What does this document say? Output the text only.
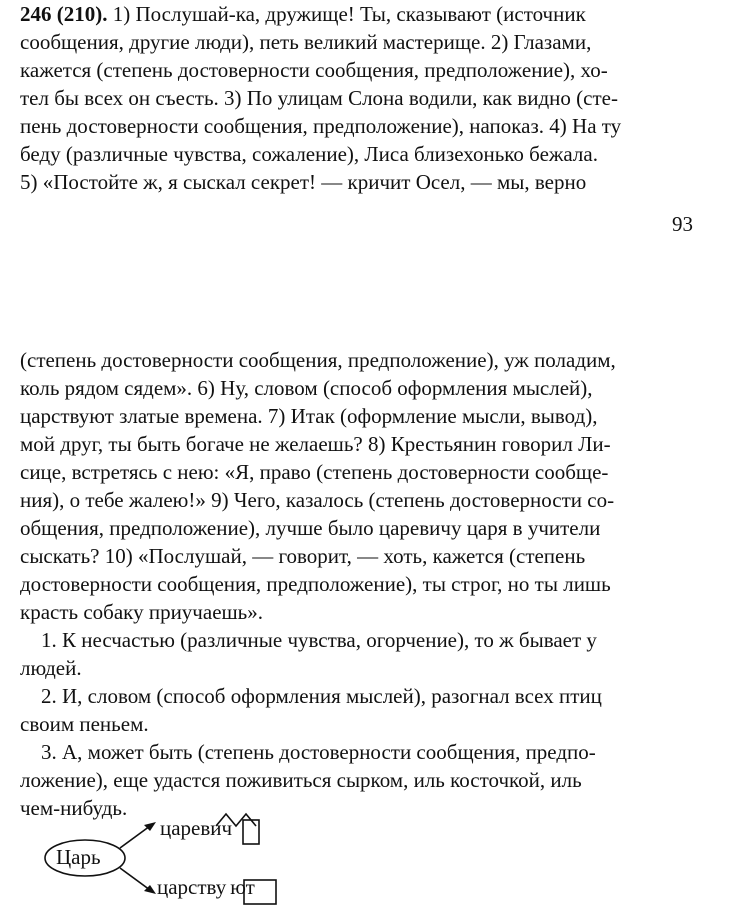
246 (210). 1) Послушай-ка, дружище! Ты, сказывают (источник
сообщения, другие люди), петь великий мастерище. 2) Глазами,
кажется (степень достоверности сообщения, предположение), хо-
тел бы всех он съесть. 3) По улицам Слона водили, как видно (сте-
пень достоверности сообщения, предположение), напоказ. 4) На ту
беду (различные чувства, сожаление), Лиса близехонько бежала.
5) «Постойте ж, я сыскал секрет! — кричит Осел, — мы, верно
93
(степень достоверности сообщения, предположение), уж поладим,
коль рядом сядем». 6) Ну, словом (способ оформления мыслей),
царствуют златые времена. 7) Итак (оформление мысли, вывод),
мой друг, ты быть богаче не желаешь? 8) Крестьянин говорил Ли-
сице, встретясь с нею: «Я, право (степень достоверности сообще-
ния), о тебе жалею!» 9) Чего, казалось (степень достоверности со-
общения, предположение), лучше было царевичу царя в учители
сыскать? 10) «Послушай, — говорит, — хоть, кажется (степень
достоверности сообщения, предположение), ты строг, но ты лишь
красть собаку приучаешь».
1. К несчастью (различные чувства, огорчение), то ж бывает у
людей.
2. И, словом (способ оформления мыслей), разогнал всех птиц
своим пеньем.
3. А, может быть (степень достоверности сообщения, предпо-
ложение), еще удастся поживиться сырком, иль косточкой, иль
чем-нибудь.
Царь
царевич
царству ют
